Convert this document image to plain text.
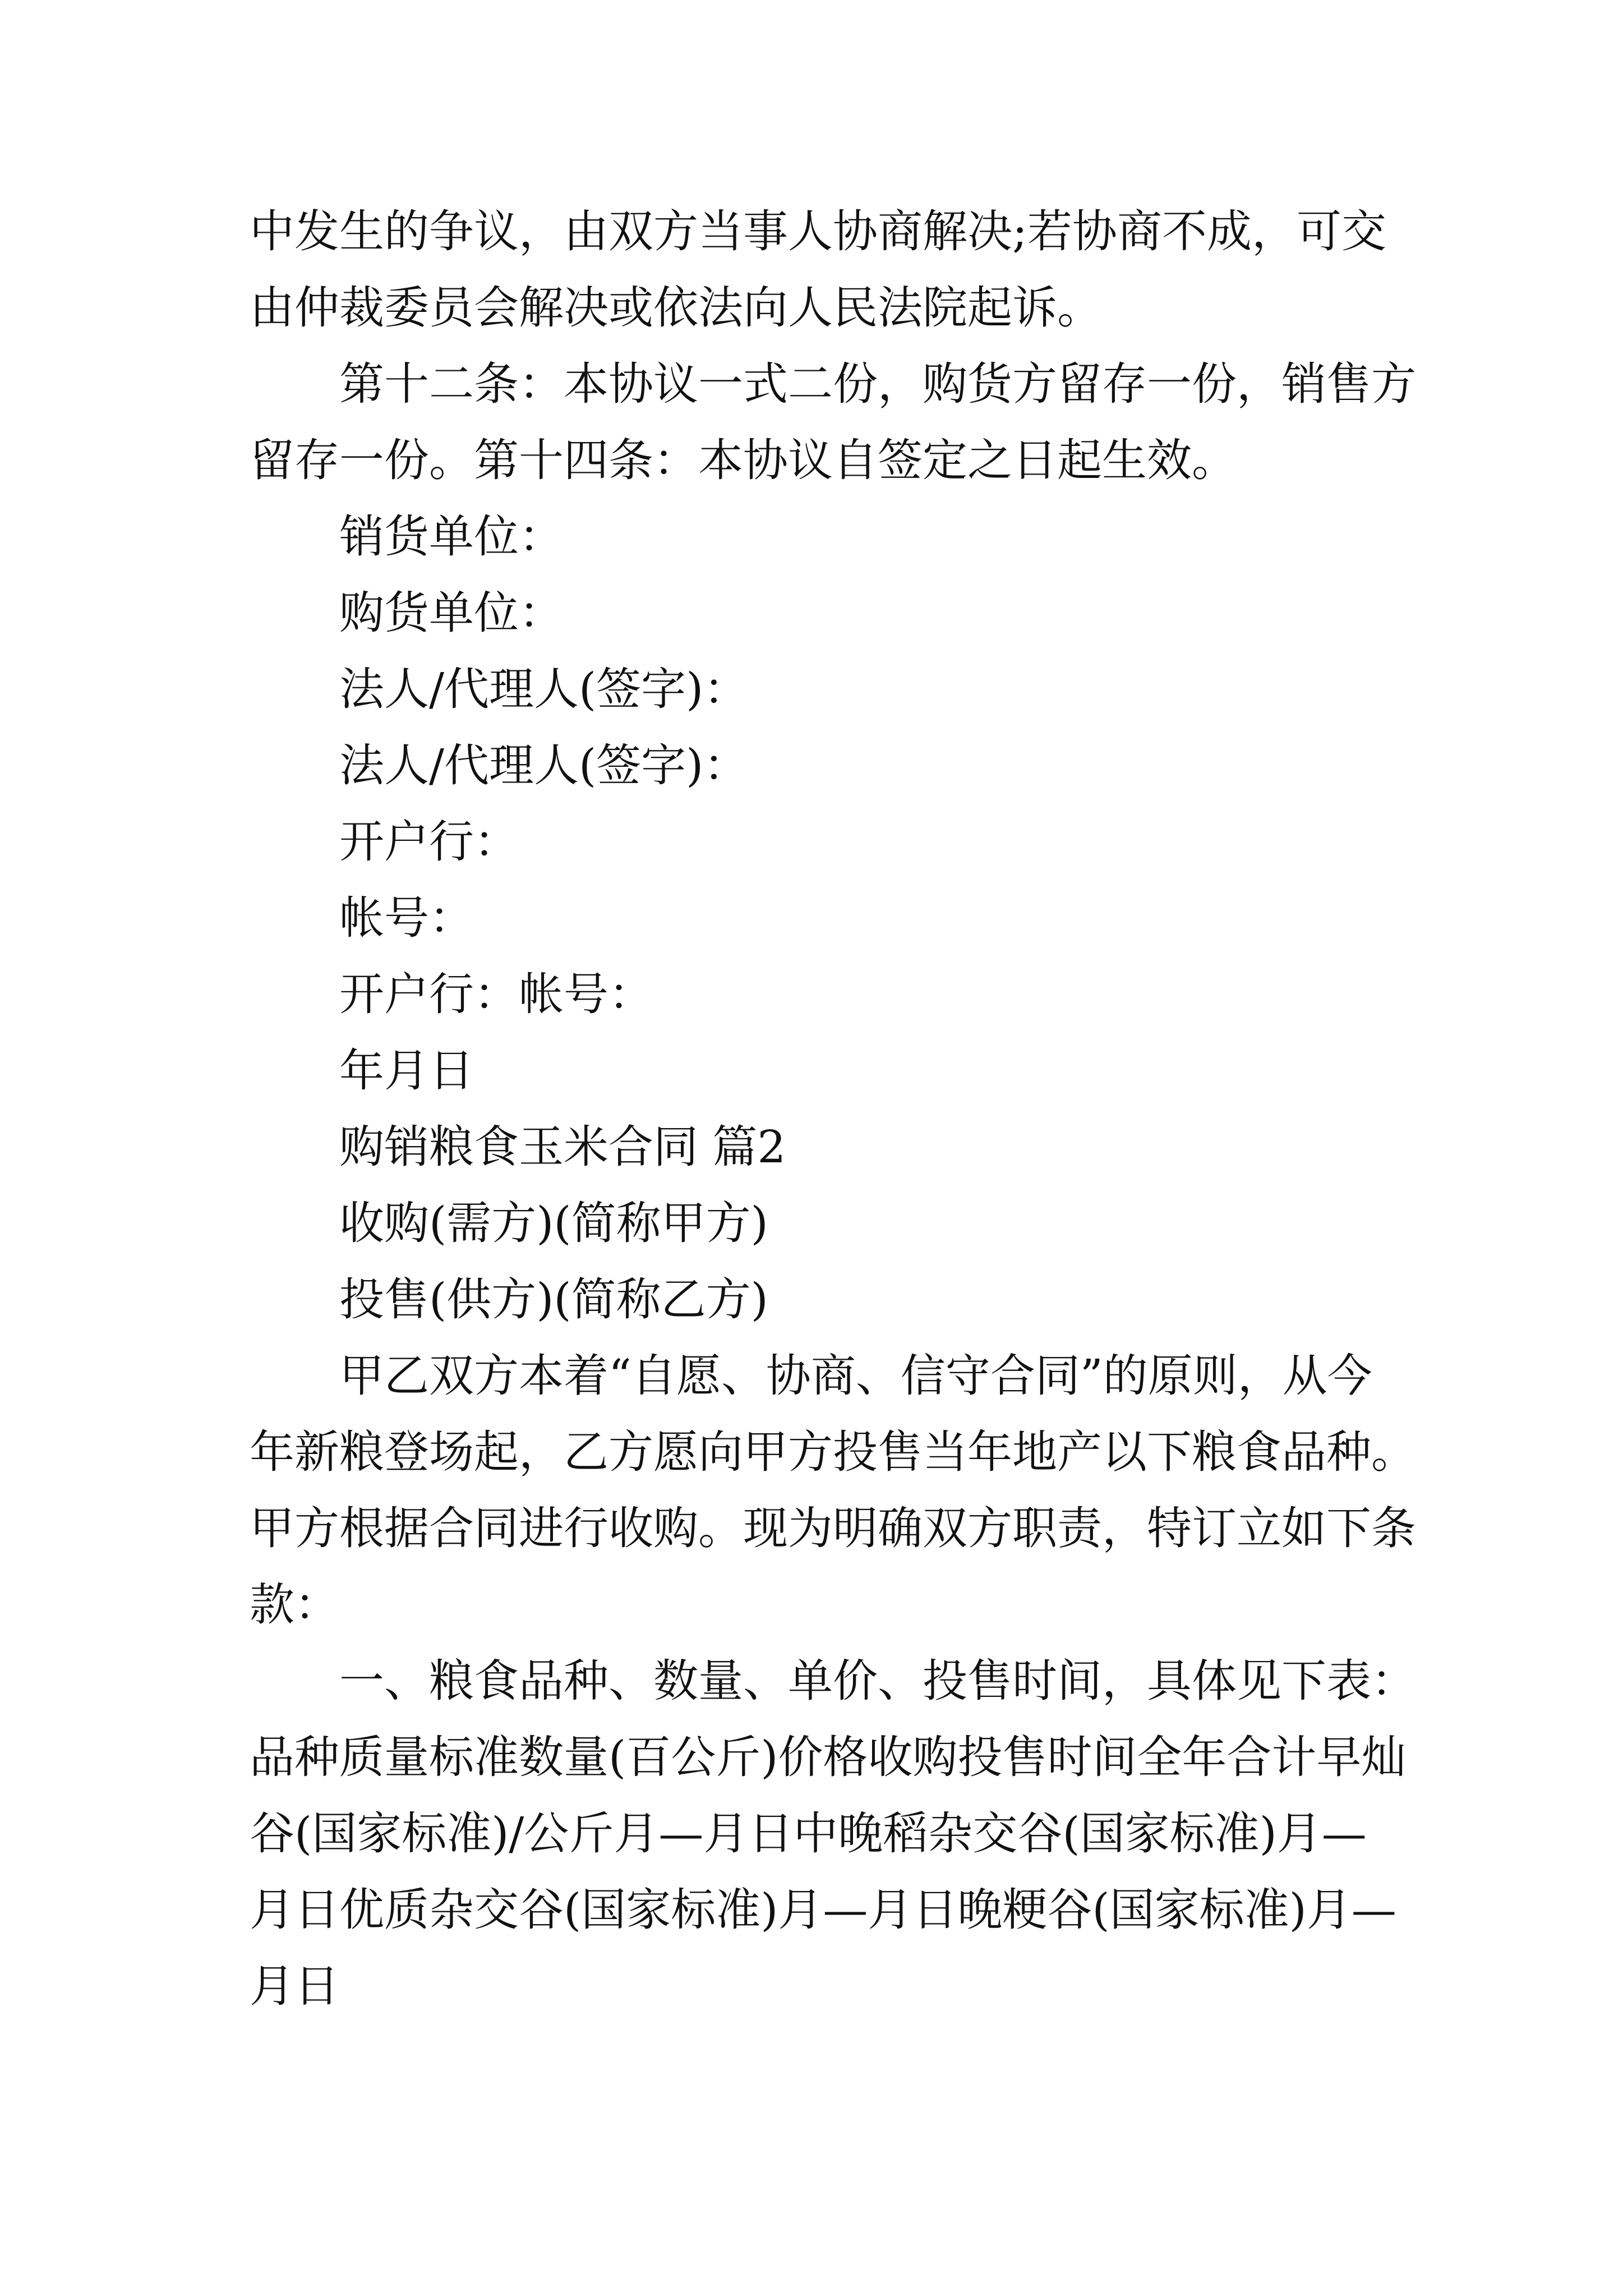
中发生的争议，由双方当事人协商解决;若协商不成，可交
由仲裁委员会解决或依法向人民法院起诉。
第十二条：本协议一式二份，购货方留存一份，销售方
留存一份。第十四条：本协议自签定之日起生效。
销货单位：
购货单位：
法人/代理人(签字)：
法人/代理人(签字)：
开户行：
帐号：
开户行：帐号：
年月日
购销粮食玉米合同 篇2
收购(需方)(简称甲方)
投售(供方)(简称乙方)
甲乙双方本着“自愿、协商、信守合同”的原则，从今
年新粮登场起，乙方愿向甲方投售当年地产以下粮食品种。
甲方根据合同进行收购。现为明确双方职责，特订立如下条
款：
一、粮食品种、数量、单价、投售时间，具体见下表：
品种质量标准数量(百公斤)价格收购投售时间全年合计早灿
谷(国家标准)/公斤月—月日中晚稻杂交谷(国家标准)月—
月日优质杂交谷(国家标准)月—月日晚粳谷(国家标准)月—
月日
